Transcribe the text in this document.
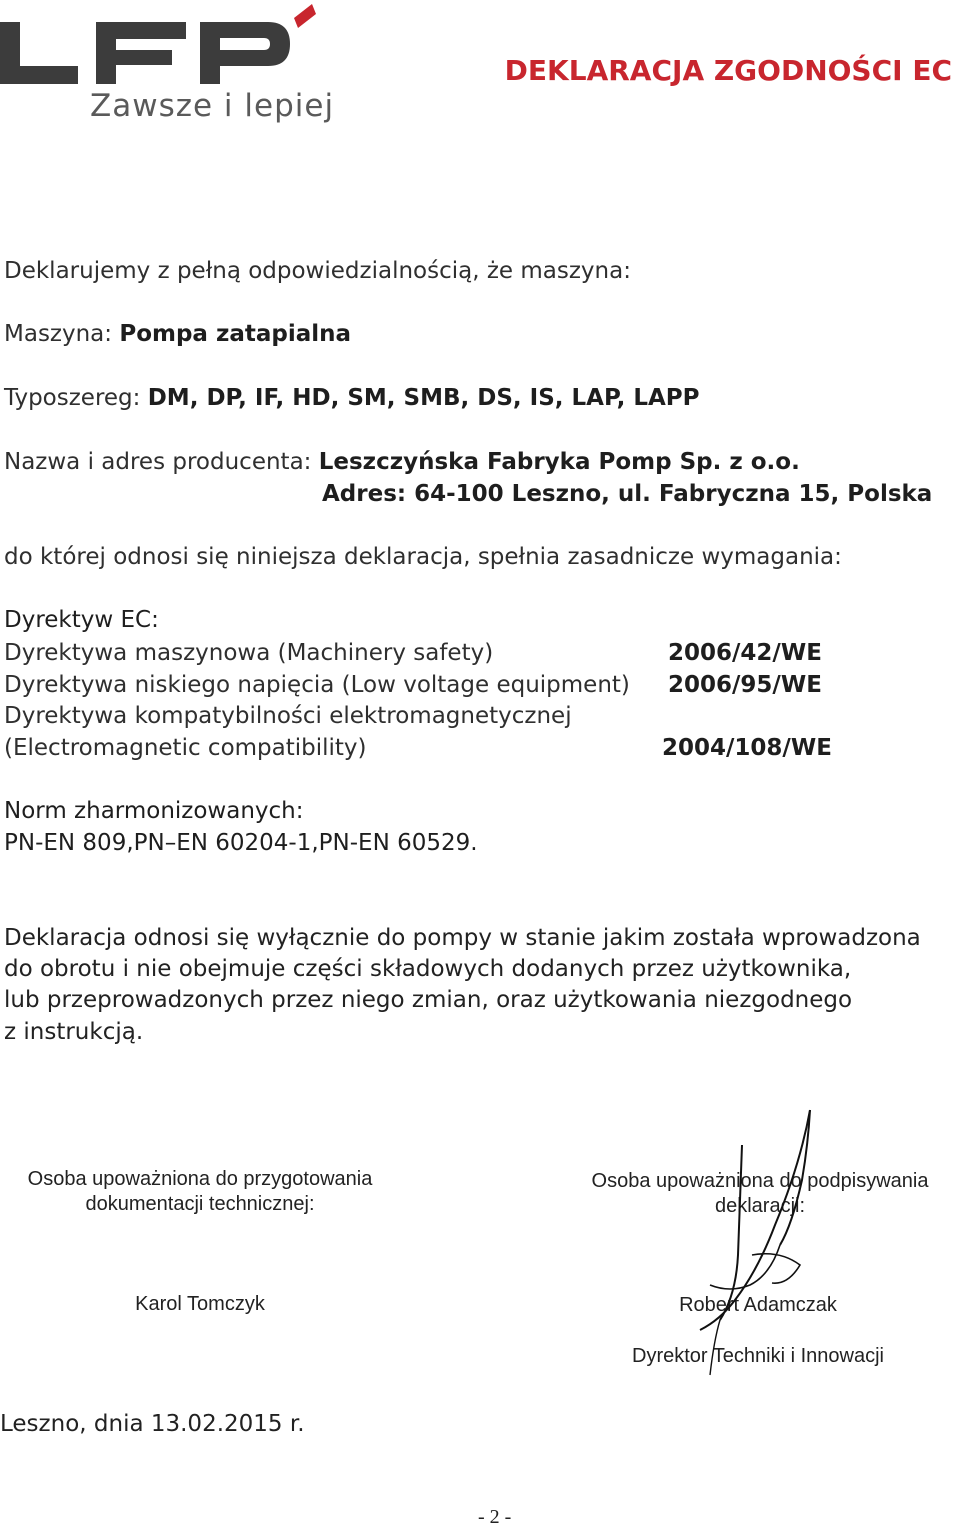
Zawsze i lepiej
DEKLARACJA ZGODNOŚCI EC
Deklarujemy z pełną odpowiedzialnością, że maszyna:
Maszyna: Pompa zatapialna
Typoszereg: DM, DP, IF, HD, SM, SMB, DS, IS, LAP, LAPP
Nazwa i adres producenta: Leszczyńska Fabryka Pomp Sp. z o.o.
Adres: 64-100 Leszno, ul. Fabryczna 15, Polska
do której odnosi się niniejsza deklaracja, spełnia zasadnicze wymagania:
Dyrektyw EC:
Dyrektywa maszynowa (Machinery safety)	2006/42/WE
Dyrektywa niskiego napięcia (Low voltage equipment) 2006/95/WE
Dyrektywa kompatybilności elektromagnetycznej
(Electromagnetic compatibility)	2004/108/WE
Norm zharmonizowanych:
PN-EN 809,PN–EN 60204-1,PN-EN 60529.
Deklaracja odnosi się wyłącznie do pompy w stanie jakim została wprowadzona
do obrotu i nie obejmuje części składowych dodanych przez użytkownika,
lub przeprowadzonych przez niego zmian, oraz użytkowania niezgodnego
z instrukcją.
Osoba upoważniona do przygotowania
dokumentacji technicznej:
Karol Tomczyk
Osoba upoważniona do podpisywania
deklaracji:
Robert Adamczak
Dyrektor Techniki i Innowacji
Leszno, dnia 13.02.2015 r.
- 2 -
